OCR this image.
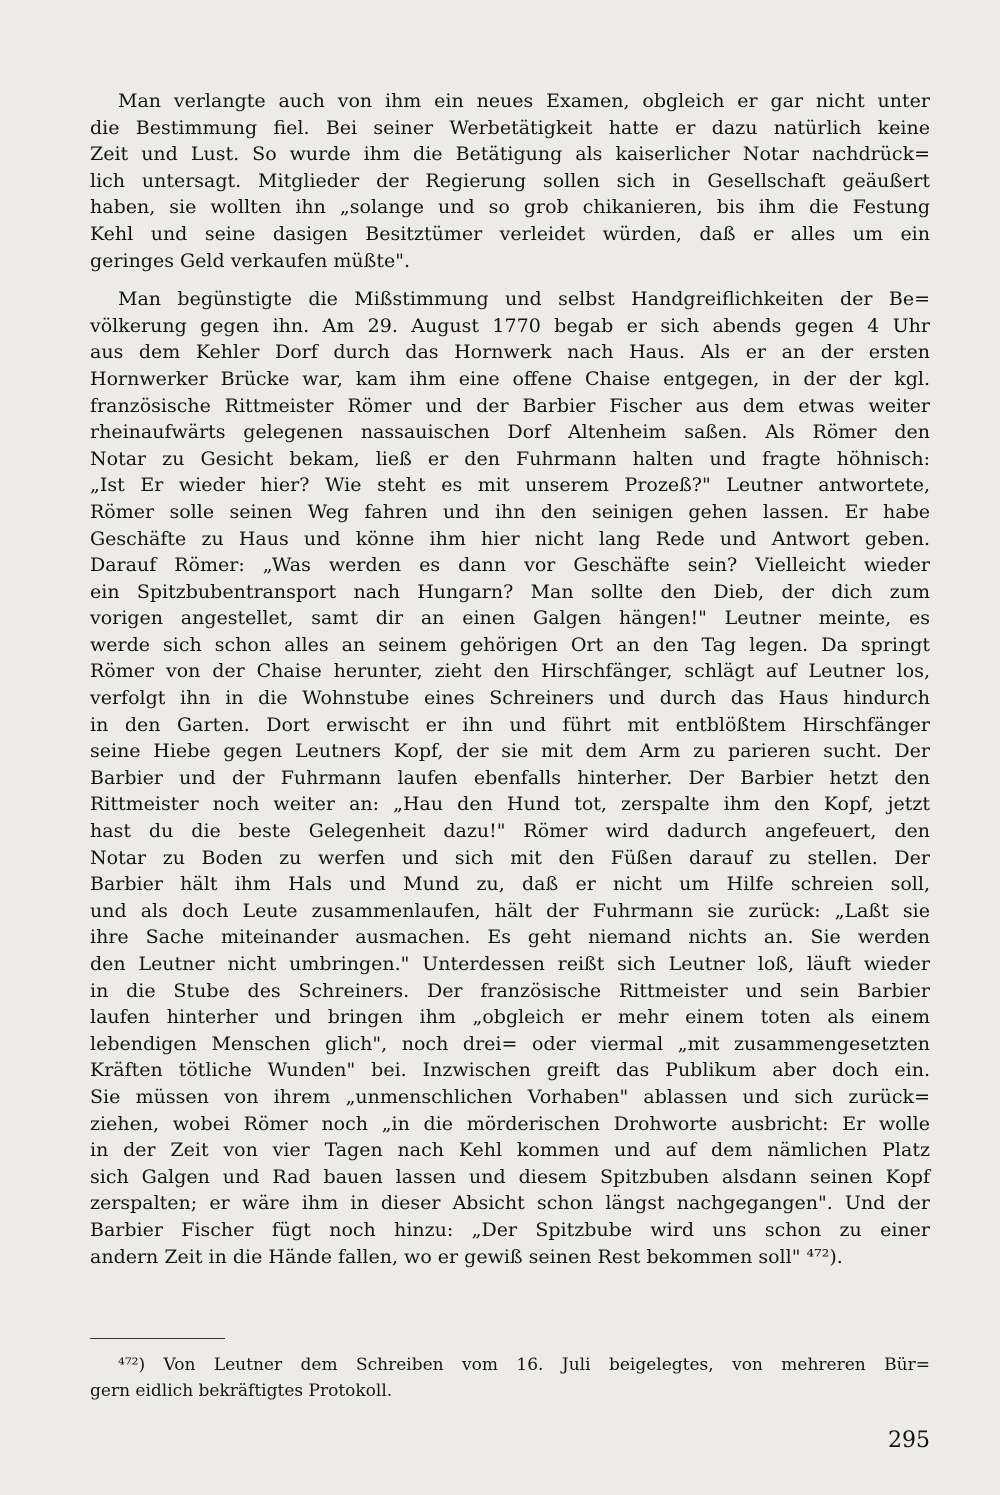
Man verlangte auch von ihm ein neues Examen, obgleich er gar nicht unter
die Bestimmung fiel. Bei seiner Werbetätigkeit hatte er dazu natürlich keine
Zeit und Lust. So wurde ihm die Betätigung als kaiserlicher Notar nachdrück=
lich untersagt. Mitglieder der Regierung sollen sich in Gesellschaft geäußert
haben, sie wollten ihn „solange und so grob chikanieren, bis ihm die Festung
Kehl und seine dasigen Besitztümer verleidet würden, daß er alles um ein
geringes Geld verkaufen müßte".
Man begünstigte die Mißstimmung und selbst Handgreiflichkeiten der Be=
völkerung gegen ihn. Am 29. August 1770 begab er sich abends gegen 4 Uhr
aus dem Kehler Dorf durch das Hornwerk nach Haus. Als er an der ersten
Hornwerker Brücke war, kam ihm eine offene Chaise entgegen, in der der kgl.
französische Rittmeister Römer und der Barbier Fischer aus dem etwas weiter
rheinaufwärts gelegenen nassauischen Dorf Altenheim saßen. Als Römer den
Notar zu Gesicht bekam, ließ er den Fuhrmann halten und fragte höhnisch:
„Ist Er wieder hier? Wie steht es mit unserem Prozeß?" Leutner antwortete,
Römer solle seinen Weg fahren und ihn den seinigen gehen lassen. Er habe
Geschäfte zu Haus und könne ihm hier nicht lang Rede und Antwort geben.
Darauf Römer: „Was werden es dann vor Geschäfte sein? Vielleicht wieder
ein Spitzbubentransport nach Hungarn? Man sollte den Dieb, der dich zum
vorigen angestellet, samt dir an einen Galgen hängen!" Leutner meinte, es
werde sich schon alles an seinem gehörigen Ort an den Tag legen. Da springt
Römer von der Chaise herunter, zieht den Hirschfänger, schlägt auf Leutner los,
verfolgt ihn in die Wohnstube eines Schreiners und durch das Haus hindurch
in den Garten. Dort erwischt er ihn und führt mit entblößtem Hirschfänger
seine Hiebe gegen Leutners Kopf, der sie mit dem Arm zu parieren sucht. Der
Barbier und der Fuhrmann laufen ebenfalls hinterher. Der Barbier hetzt den
Rittmeister noch weiter an: „Hau den Hund tot, zerspalte ihm den Kopf, jetzt
hast du die beste Gelegenheit dazu!" Römer wird dadurch angefeuert, den
Notar zu Boden zu werfen und sich mit den Füßen darauf zu stellen. Der
Barbier hält ihm Hals und Mund zu, daß er nicht um Hilfe schreien soll,
und als doch Leute zusammenlaufen, hält der Fuhrmann sie zurück: „Laßt sie
ihre Sache miteinander ausmachen. Es geht niemand nichts an. Sie werden
den Leutner nicht umbringen." Unterdessen reißt sich Leutner loß, läuft wieder
in die Stube des Schreiners. Der französische Rittmeister und sein Barbier
laufen hinterher und bringen ihm „obgleich er mehr einem toten als einem
lebendigen Menschen glich", noch drei= oder viermal „mit zusammengesetzten
Kräften tötliche Wunden" bei. Inzwischen greift das Publikum aber doch ein.
Sie müssen von ihrem „unmenschlichen Vorhaben" ablassen und sich zurück=
ziehen, wobei Römer noch „in die mörderischen Drohworte ausbricht: Er wolle
in der Zeit von vier Tagen nach Kehl kommen und auf dem nämlichen Platz
sich Galgen und Rad bauen lassen und diesem Spitzbuben alsdann seinen Kopf
zerspalten; er wäre ihm in dieser Absicht schon längst nachgegangen". Und der
Barbier Fischer fügt noch hinzu: „Der Spitzbube wird uns schon zu einer
andern Zeit in die Hände fallen, wo er gewiß seinen Rest bekommen soll" ⁴⁷²).
⁴⁷²) Von Leutner dem Schreiben vom 16. Juli beigelegtes, von mehreren Bür=
gern eidlich bekräftigtes Protokoll.
295
